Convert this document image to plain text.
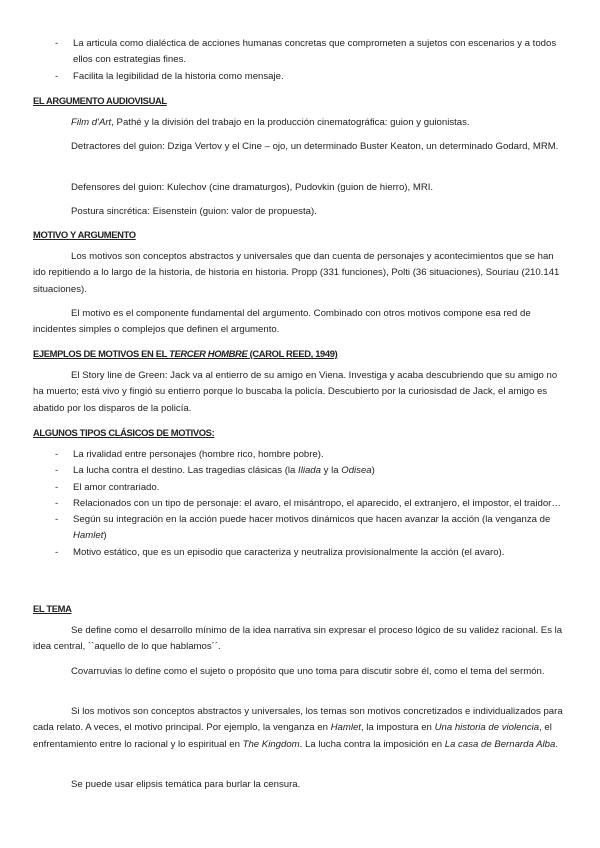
- La articula como dialéctica de acciones humanas concretas que comprometen a sujetos con escenarios y a todos ellos con estrategias fines.
- Facilita la legibilidad de la historia como mensaje.
EL ARGUMENTO AUDIOVISUAL
Film d'Art, Pathé y la división del trabajo en la producción cinematográfica: guion y guionistas.
Detractores del guion: Dziga Vertov y el Cine – ojo, un determinado Buster Keaton, un determinado Godard, MRM.
Defensores del guion: Kulechov (cine dramaturgos), Pudovkin (guion de hierro), MRI.
Postura sincrética: Eisenstein (guion: valor de propuesta).
MOTIVO Y ARGUMENTO
Los motivos son conceptos abstractos y universales que dan cuenta de personajes y acontecimientos que se han ido repitiendo a lo largo de la historia, de historia en historia. Propp (331 funciones), Polti (36 situaciones), Souriau (210.141 situaciones).
El motivo es el componente fundamental del argumento. Combinado con otros motivos compone esa red de incidentes simples o complejos que definen el argumento.
EJEMPLOS DE MOTIVOS EN EL TERCER HOMBRE (CAROL REED, 1949)
El Story line de Green: Jack va al entierro de su amigo en Viena. Investiga y acaba descubriendo que su amigo no ha muerto; está vivo y fingió su entierro porque lo buscaba la policía. Descubierto por la curiosisdad de Jack, el amigo es abatido por los disparos de la policía.
ALGUNOS TIPOS CLÁSICOS DE MOTIVOS:
- La rivalidad entre personajes (hombre rico, hombre pobre).
- La lucha contra el destino. Las tragedias clásicas (la Iliada y la Odisea)
- El amor contrariado.
- Relacionados con un tipo de personaje: el avaro, el misántropo, el aparecido, el extranjero, el impostor, el traidor…
- Según su integración en la acción puede hacer motivos dinámicos que hacen avanzar la acción (la venganza de Hamlet)
- Motivo estático, que es un episodio que caracteriza y neutraliza provisionalmente la acción (el avaro).
EL TEMA
Se define como el desarrollo mínimo de la idea narrativa sin expresar el proceso lógico de su validez racional. Es la idea central, ``aquello de lo que hablamos´´.
Covarruvias lo define como el sujeto o propósito que uno toma para discutir sobre él, como el tema del sermón.
Si los motivos son conceptos abstractos y universales, los temas son motivos concretizados e individualizados para cada relato. A veces, el motivo principal. Por ejemplo, la venganza en Hamlet, la impostura en Una historia de violencia, el enfrentamiento entre lo racional y lo espiritual en The Kingdom. La lucha contra la imposición en La casa de Bernarda Alba.
Se puede usar elipsis temática para burlar la censura.
